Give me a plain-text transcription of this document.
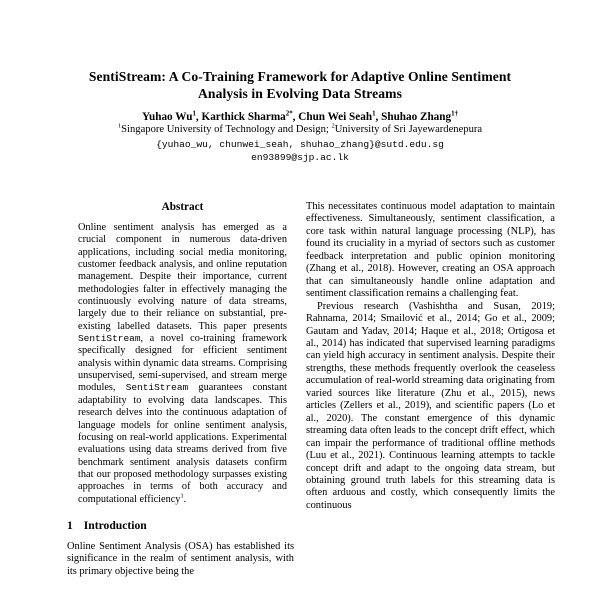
SentiStream: A Co-Training Framework for Adaptive Online Sentiment
Analysis in Evolving Data Streams
Yuhao Wu$^1$, Karthick Sharma$^{2*}$, Chun Wei Seah$^1$, Shuhao Zhang$^{1\dagger}$
$^1$Singapore University of Technology and Design; $^2$University of Sri Jayewardenepura
{yuhao_wu, chunwei_seah, shuhao_zhang}@sutd.edu.sg
en93899@sjp.ac.lk
Abstract

Online sentiment analysis has emerged as a crucial component in numerous data-driven applications, including social media monitoring, customer feedback analysis, and online reputation management. Despite their importance, current methodologies falter in effectively managing the continuously evolving nature of data streams, largely due to their reliance on substantial, pre-existing labelled datasets. This paper presents SentiStream, a novel co-training framework specifically designed for efficient sentiment analysis within dynamic data streams. Comprising unsupervised, semi-supervised, and stream merge modules, SentiStream guarantees constant adaptability to evolving data landscapes. This research delves into the continuous adaptation of language models for online sentiment analysis, focusing on real-world applications. Experimental evaluations using data streams derived from five benchmark sentiment analysis datasets confirm that our proposed methodology surpasses existing approaches in terms of both accuracy and computational efficiency$^1$.

1 Introduction

Online Sentiment Analysis (OSA) has established its significance in the realm of sentiment analysis, with its primary objective being the

This necessitates continuous model adaptation to maintain effectiveness. Simultaneously, sentiment classification, a core task within natural language processing (NLP), has found its cruciality in a myriad of sectors such as customer feedback interpretation and public opinion monitoring (Zhang et al., 2018). However, creating an OSA approach that can simultaneously handle online adaptation and sentiment classification remains a challenging feat.

Previous research (Vashishtha and Susan, 2019; Rahnama, 2014; Smailović et al., 2014; Go et al., 2009; Gautam and Yadav, 2014; Haque et al., 2018; Ortigosa et al., 2014) has indicated that supervised learning paradigms can yield high accuracy in sentiment analysis. Despite their strengths, these methods frequently overlook the ceaseless accumulation of real-world streaming data originating from varied sources like literature (Zhu et al., 2015), news articles (Zellers et al., 2019), and scientific papers (Lo et al., 2020). The constant emergence of this dynamic streaming data often leads to the concept drift effect, which can impair the performance of traditional offline methods (Luu et al., 2021). Continuous learning attempts to tackle concept drift and adapt to the ongoing data stream, but obtaining ground truth labels for this streaming data is often arduous and costly, which consequently limits the continuous
